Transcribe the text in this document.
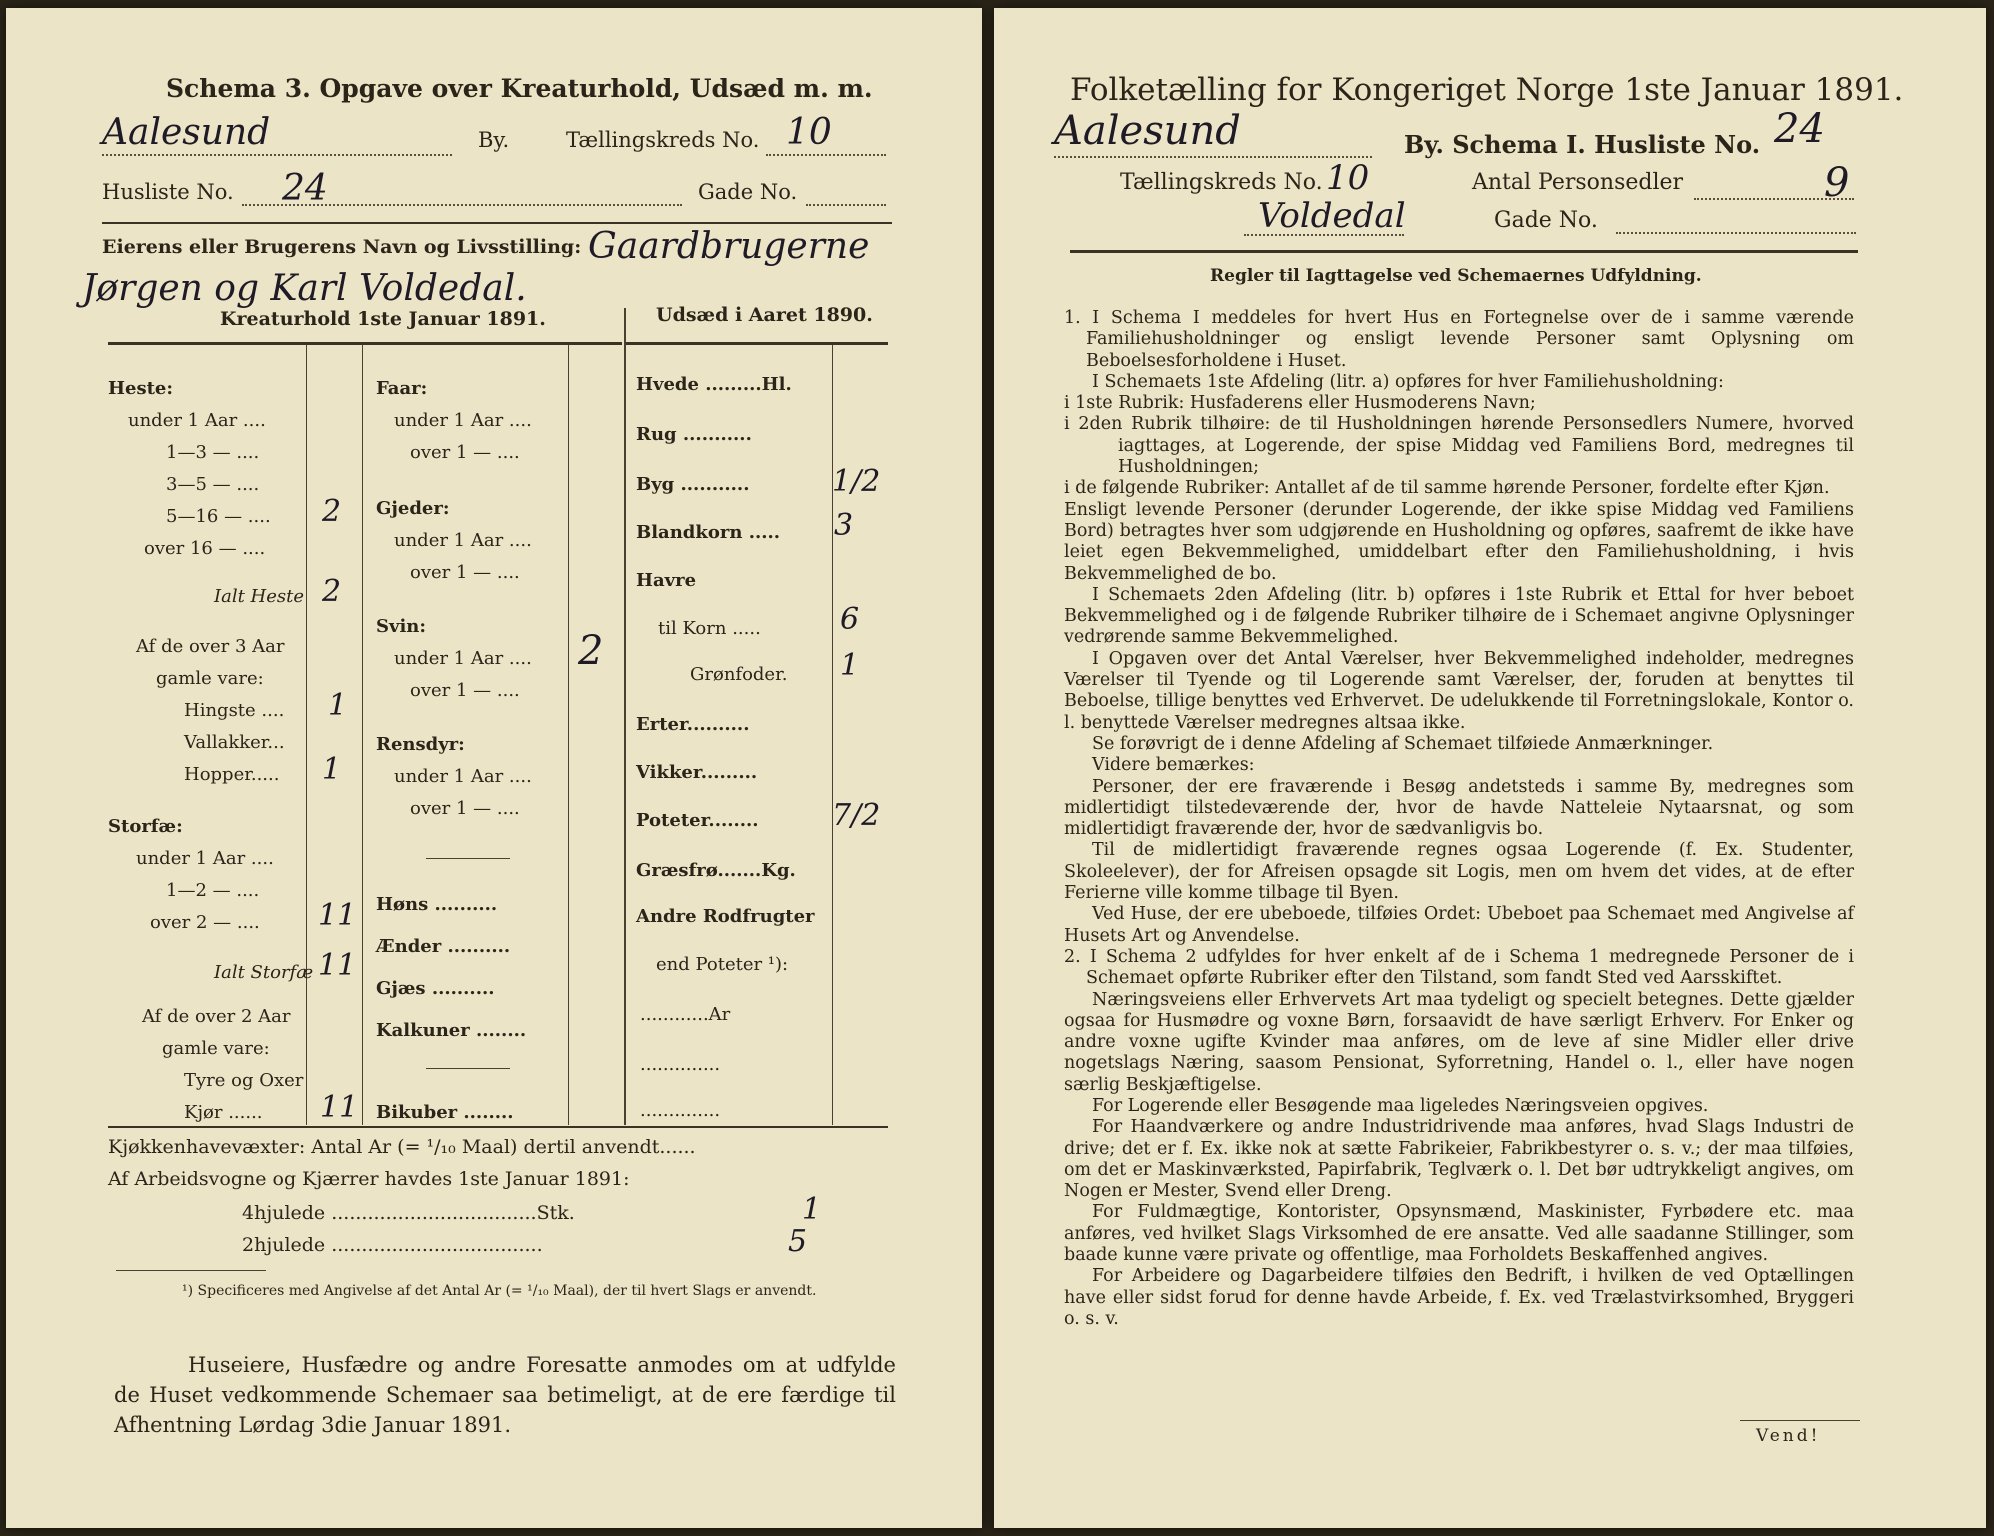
Schema 3. Opgave over Kreaturhold, Udsæd m. m.
Aalesund	By.	Tællingskreds No. 10
Husliste No. 24	Gade No.
Eierens eller Brugerens Navn og Livsstilling: Gaardbrugerne
Jørgen og Karl Voldedal.
Kreaturhold 1ste Januar 1891.	Udsæd i Aaret 1890.
Heste:
under 1 Aar ....
1—3 — ....
3—5 — ....
5—16 — .... 2
over 16 — ....
Ialt Heste 2
Af de over 3 Aar
gamle vare:
Hingste .... 1
Vallakker...
Hopper..... 1
Storfæ:
under 1 Aar ....
1—2 — ....
over 2 — .... 11
Ialt Storfæ 11
Af de over 2 Aar
gamle vare:
Tyre og Oxer
Kjør ...... 11
Faar:
under 1 Aar ....
over 1 — ....
Gjeder:
under 1 Aar ....
over 1 — ....
Svin:
under 1 Aar .... 2
over 1 — ....
Rensdyr:
under 1 Aar ....
over 1 — ....
Høns ..........
Ænder ..........
Gjæs ..........
Kalkuner ........
Bikuber ........
Hvede .........Hl.
Rug ...........
Byg ...........	1/2
Blandkorn ..... 3
Havre
til Korn .....	6
Grønfoder. 1
Erter..........
Vikker.........
Poteter........ 7/2
Græsfrø.......Kg.
Andre Rodfrugter
end Poteter ¹):
............Ar
..............
..............
Kjøkkenhavevæxter: Antal Ar (= ¹/₁₀ Maal) dertil anvendt......
Af Arbeidsvogne og Kjærrer havdes 1ste Januar 1891:
4hjulede ..................................Stk.	1
2hjulede ...................................	5
¹) Specificeres med Angivelse af det Antal Ar (= ¹/₁₀ Maal), der til hvert Slags er anvendt.
Huseiere, Husfædre og andre Foresatte anmodes om at udfylde de Huset vedkommende Schemaer saa betimeligt, at de ere færdige til Afhentning Lørdag 3die Januar 1891.
Folketælling for Kongeriget Norge 1ste Januar 1891.
Aalesund	By. Schema I. Husliste No. 24
Tællingskreds No. 10	Antal Personsedler	9
Voldedal	Gade No.
Regler til Iagttagelse ved Schemaernes Udfyldning.

1. I Schema I meddeles for hvert Hus en Fortegnelse over de i samme værende Familiehusholdninger og ensligt levende Personer samt Oplysning om Beboelsesforholdene i Huset.

I Schemaets 1ste Afdeling (litr. a) opføres for hver Familiehusholdning:

i 1ste Rubrik: Husfaderens eller Husmoderens Navn;

i 2den Rubrik tilhøire: de til Husholdningen hørende Personsedlers Numere, hvorved iagttages, at Logerende, der spise Middag ved Familiens Bord, medregnes til Husholdningen;

i de følgende Rubriker: Antallet af de til samme hørende Personer, fordelte efter Kjøn.

Ensligt levende Personer (derunder Logerende, der ikke spise Middag ved Familiens Bord) betragtes hver som udgjørende en Husholdning og opføres, saafremt de ikke have leiet egen Bekvemmelighed, umiddelbart efter den Familiehusholdning, i hvis Bekvemmelighed de bo.

I Schemaets 2den Afdeling (litr. b) opføres i 1ste Rubrik et Ettal for hver beboet Bekvemmelighed og i de følgende Rubriker tilhøire de i Schemaet angivne Oplysninger vedrørende samme Bekvemmelighed.

I Opgaven over det Antal Værelser, hver Bekvemmelighed indeholder, medregnes Værelser til Tyende og til Logerende samt Værelser, der, foruden at benyttes til Beboelse, tillige benyttes ved Erhvervet. De udelukkende til Forretningslokale, Kontor o. l. benyttede Værelser medregnes altsaa ikke.

Se forøvrigt de i denne Afdeling af Schemaet tilføiede Anmærkninger.

Videre bemærkes:

Personer, der ere fraværende i Besøg andetsteds i samme By, medregnes som midlertidigt tilstedeværende der, hvor de havde Natteleie Nytaarsnat, og som midlertidigt fraværende der, hvor de sædvanligvis bo.

Til de midlertidigt fraværende regnes ogsaa Logerende (f. Ex. Studenter, Skoleelever), der for Afreisen opsagde sit Logis, men om hvem det vides, at de efter Ferierne ville komme tilbage til Byen.

Ved Huse, der ere ubeboede, tilføies Ordet: Ubeboet paa Schemaet med Angivelse af Husets Art og Anvendelse.

2. I Schema 2 udfyldes for hver enkelt af de i Schema 1 medregnede Personer de i Schemaet opførte Rubriker efter den Tilstand, som fandt Sted ved Aarsskiftet.

Næringsveiens eller Erhvervets Art maa tydeligt og specielt betegnes. Dette gjælder ogsaa for Husmødre og voxne Børn, forsaavidt de have særligt Erhverv. For Enker og andre voxne ugifte Kvinder maa anføres, om de leve af sine Midler eller drive nogetslags Næring, saasom Pensionat, Syforretning, Handel o. l., eller have nogen særlig Beskjæftigelse.

For Logerende eller Besøgende maa ligeledes Næringsveien opgives.

For Haandværkere og andre Industridrivende maa anføres, hvad Slags Industri de drive; det er f. Ex. ikke nok at sætte Fabrikeier, Fabrikbestyrer o. s. v.; der maa tilføies, om det er Maskinværksted, Papirfabrik, Teglværk o. l. Det bør udtrykkeligt angives, om Nogen er Mester, Svend eller Dreng.

For Fuldmægtige, Kontorister, Opsynsmænd, Maskinister, Fyrbødere etc. maa anføres, ved hvilket Slags Virksomhed de ere ansatte. Ved alle saadanne Stillinger, som baade kunne være private og offentlige, maa Forholdets Beskaffenhed angives.

For Arbeidere og Dagarbeidere tilføies den Bedrift, i hvilken de ved Optællingen have eller sidst forud for denne havde Arbeide, f. Ex. ved Trælastvirksomhed, Bryggeri o. s. v.

Vend!
